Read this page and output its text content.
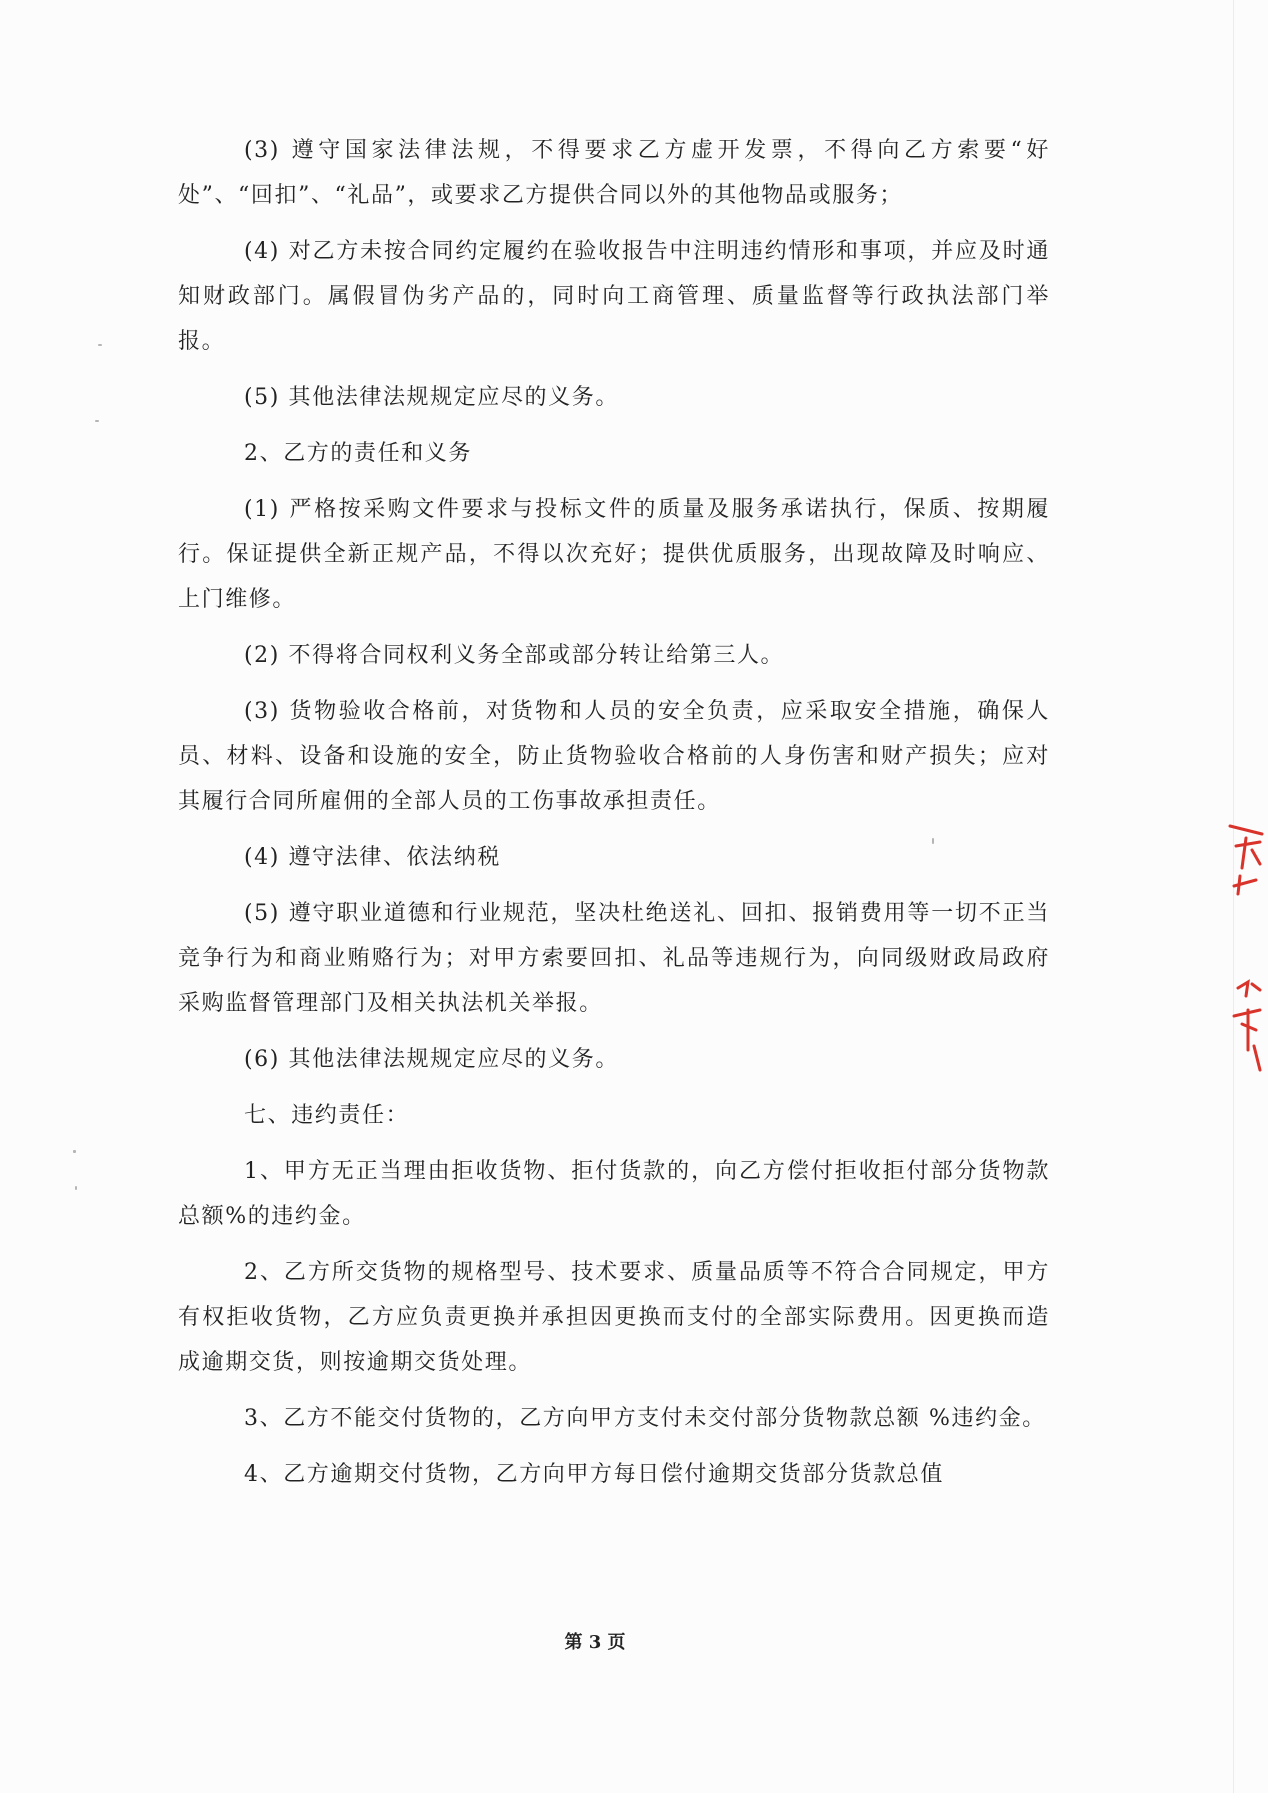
(3) 遵守国家法律法规，不得要求乙方虚开发票，不得向乙方索要“好处”、“回扣”、“礼品”，或要求乙方提供合同以外的其他物品或服务；

(4) 对乙方未按合同约定履约在验收报告中注明违约情形和事项，并应及时通知财政部门。属假冒伪劣产品的，同时向工商管理、质量监督等行政执法部门举报。

(5) 其他法律法规规定应尽的义务。

2、乙方的责任和义务

(1) 严格按采购文件要求与投标文件的质量及服务承诺执行，保质、按期履行。保证提供全新正规产品，不得以次充好；提供优质服务，出现故障及时响应、上门维修。

(2) 不得将合同权利义务全部或部分转让给第三人。

(3) 货物验收合格前，对货物和人员的安全负责，应采取安全措施，确保人员、材料、设备和设施的安全，防止货物验收合格前的人身伤害和财产损失；应对其履行合同所雇佣的全部人员的工伤事故承担责任。

(4) 遵守法律、依法纳税

(5) 遵守职业道德和行业规范，坚决杜绝送礼、回扣、报销费用等一切不正当竞争行为和商业贿赂行为；对甲方索要回扣、礼品等违规行为，向同级财政局政府采购监督管理部门及相关执法机关举报。

(6) 其他法律法规规定应尽的义务。

七、违约责任：

1、甲方无正当理由拒收货物、拒付货款的，向乙方偿付拒收拒付部分货物款总额%的违约金。

2、乙方所交货物的规格型号、技术要求、质量品质等不符合合同规定，甲方有权拒收货物，乙方应负责更换并承担因更换而支付的全部实际费用。因更换而造成逾期交货，则按逾期交货处理。

3、乙方不能交付货物的，乙方向甲方支付未交付部分货物款总额 %违约金。

4、乙方逾期交付货物，乙方向甲方每日偿付逾期交货部分货款总值

第 3 页
